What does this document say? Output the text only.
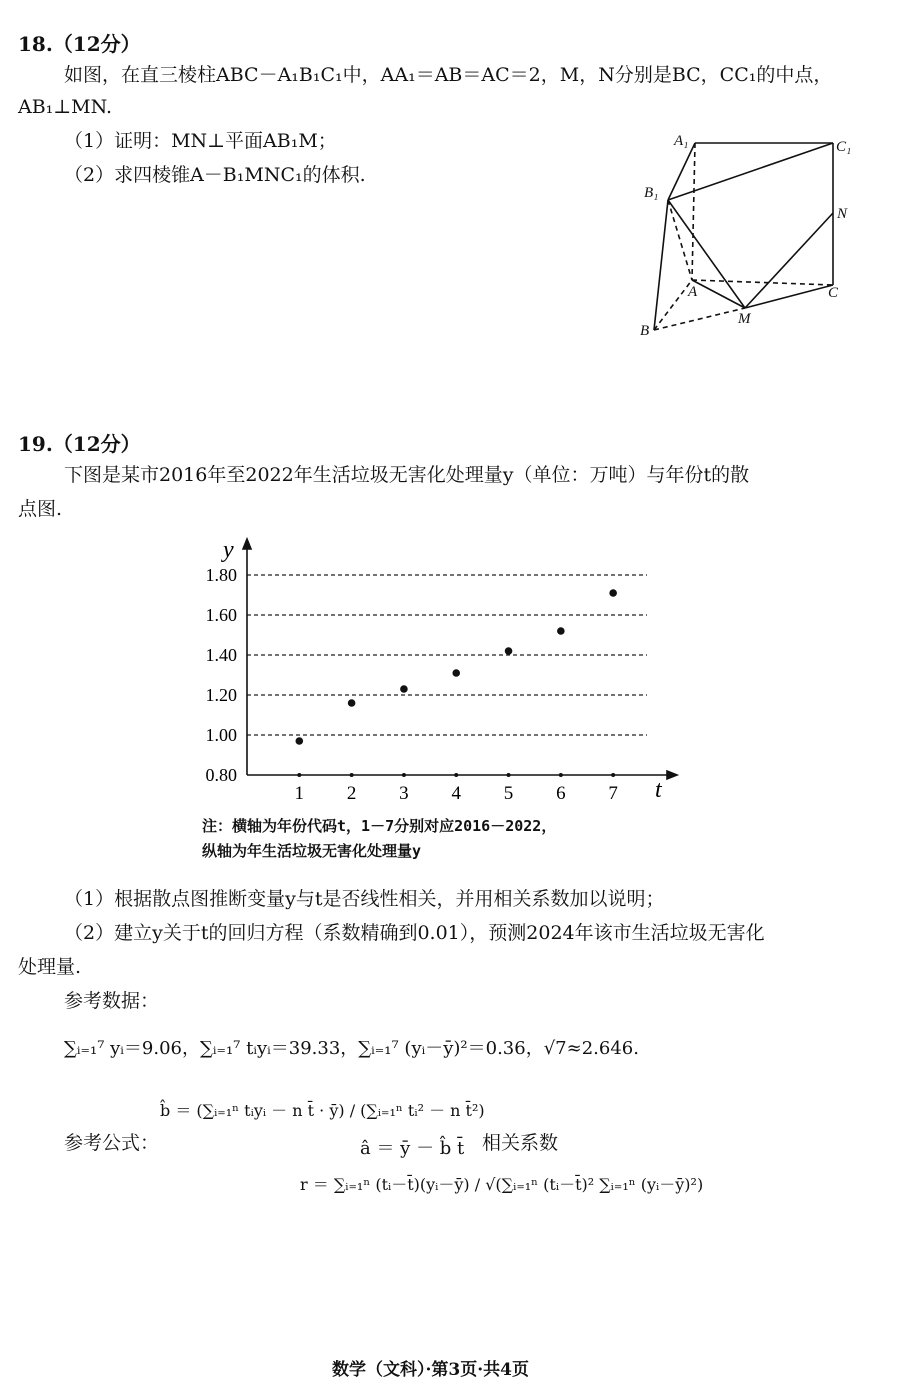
18.（12分）
如图，在直三棱柱ABC－A₁B₁C₁中，AA₁＝AB＝AC＝2，M，N分别是BC，CC₁的中点，
AB₁⊥MN.
（1）证明：MN⊥平面AB₁M；
（2）求四棱锥A－B₁MNC₁的体积.
A₁	C₁
B₁
N
A	C
B
M
19.（12分）
下图是某市2016年至2022年生活垃圾无害化处理量y（单位：万吨）与年份t的散
点图.
0.80
1.00
1.20
1.40
1.60
1.80
1 2 3 4 5 6 7
y
t
注：横轴为年份代码t，1－7分别对应2016－2022，
纵轴为年生活垃圾无害化处理量y
（1）根据散点图推断变量y与t是否线性相关，并用相关系数加以说明；
（2）建立y关于t的回归方程（系数精确到0.01），预测2024年该市生活垃圾无害化
处理量.
参考数据：
∑ᵢ₌₁⁷ yᵢ＝9.06，∑ᵢ₌₁⁷ tᵢyᵢ＝39.33，∑ᵢ₌₁⁷ (yᵢ－ȳ)²＝0.36，√7≈2.646.
参考公式：
b̂ ＝ (∑ᵢ₌₁ⁿ tᵢyᵢ － n t̄ · ȳ) / (∑ᵢ₌₁ⁿ tᵢ² － n t̄²)
â ＝ ȳ － b̂ t̄ 相关系数
r ＝ ∑ᵢ₌₁ⁿ (tᵢ－t̄)(yᵢ－ȳ) / √(∑ᵢ₌₁ⁿ (tᵢ－t̄)² ∑ᵢ₌₁ⁿ (yᵢ－ȳ)²)
数学（文科）·第3页·共4页
